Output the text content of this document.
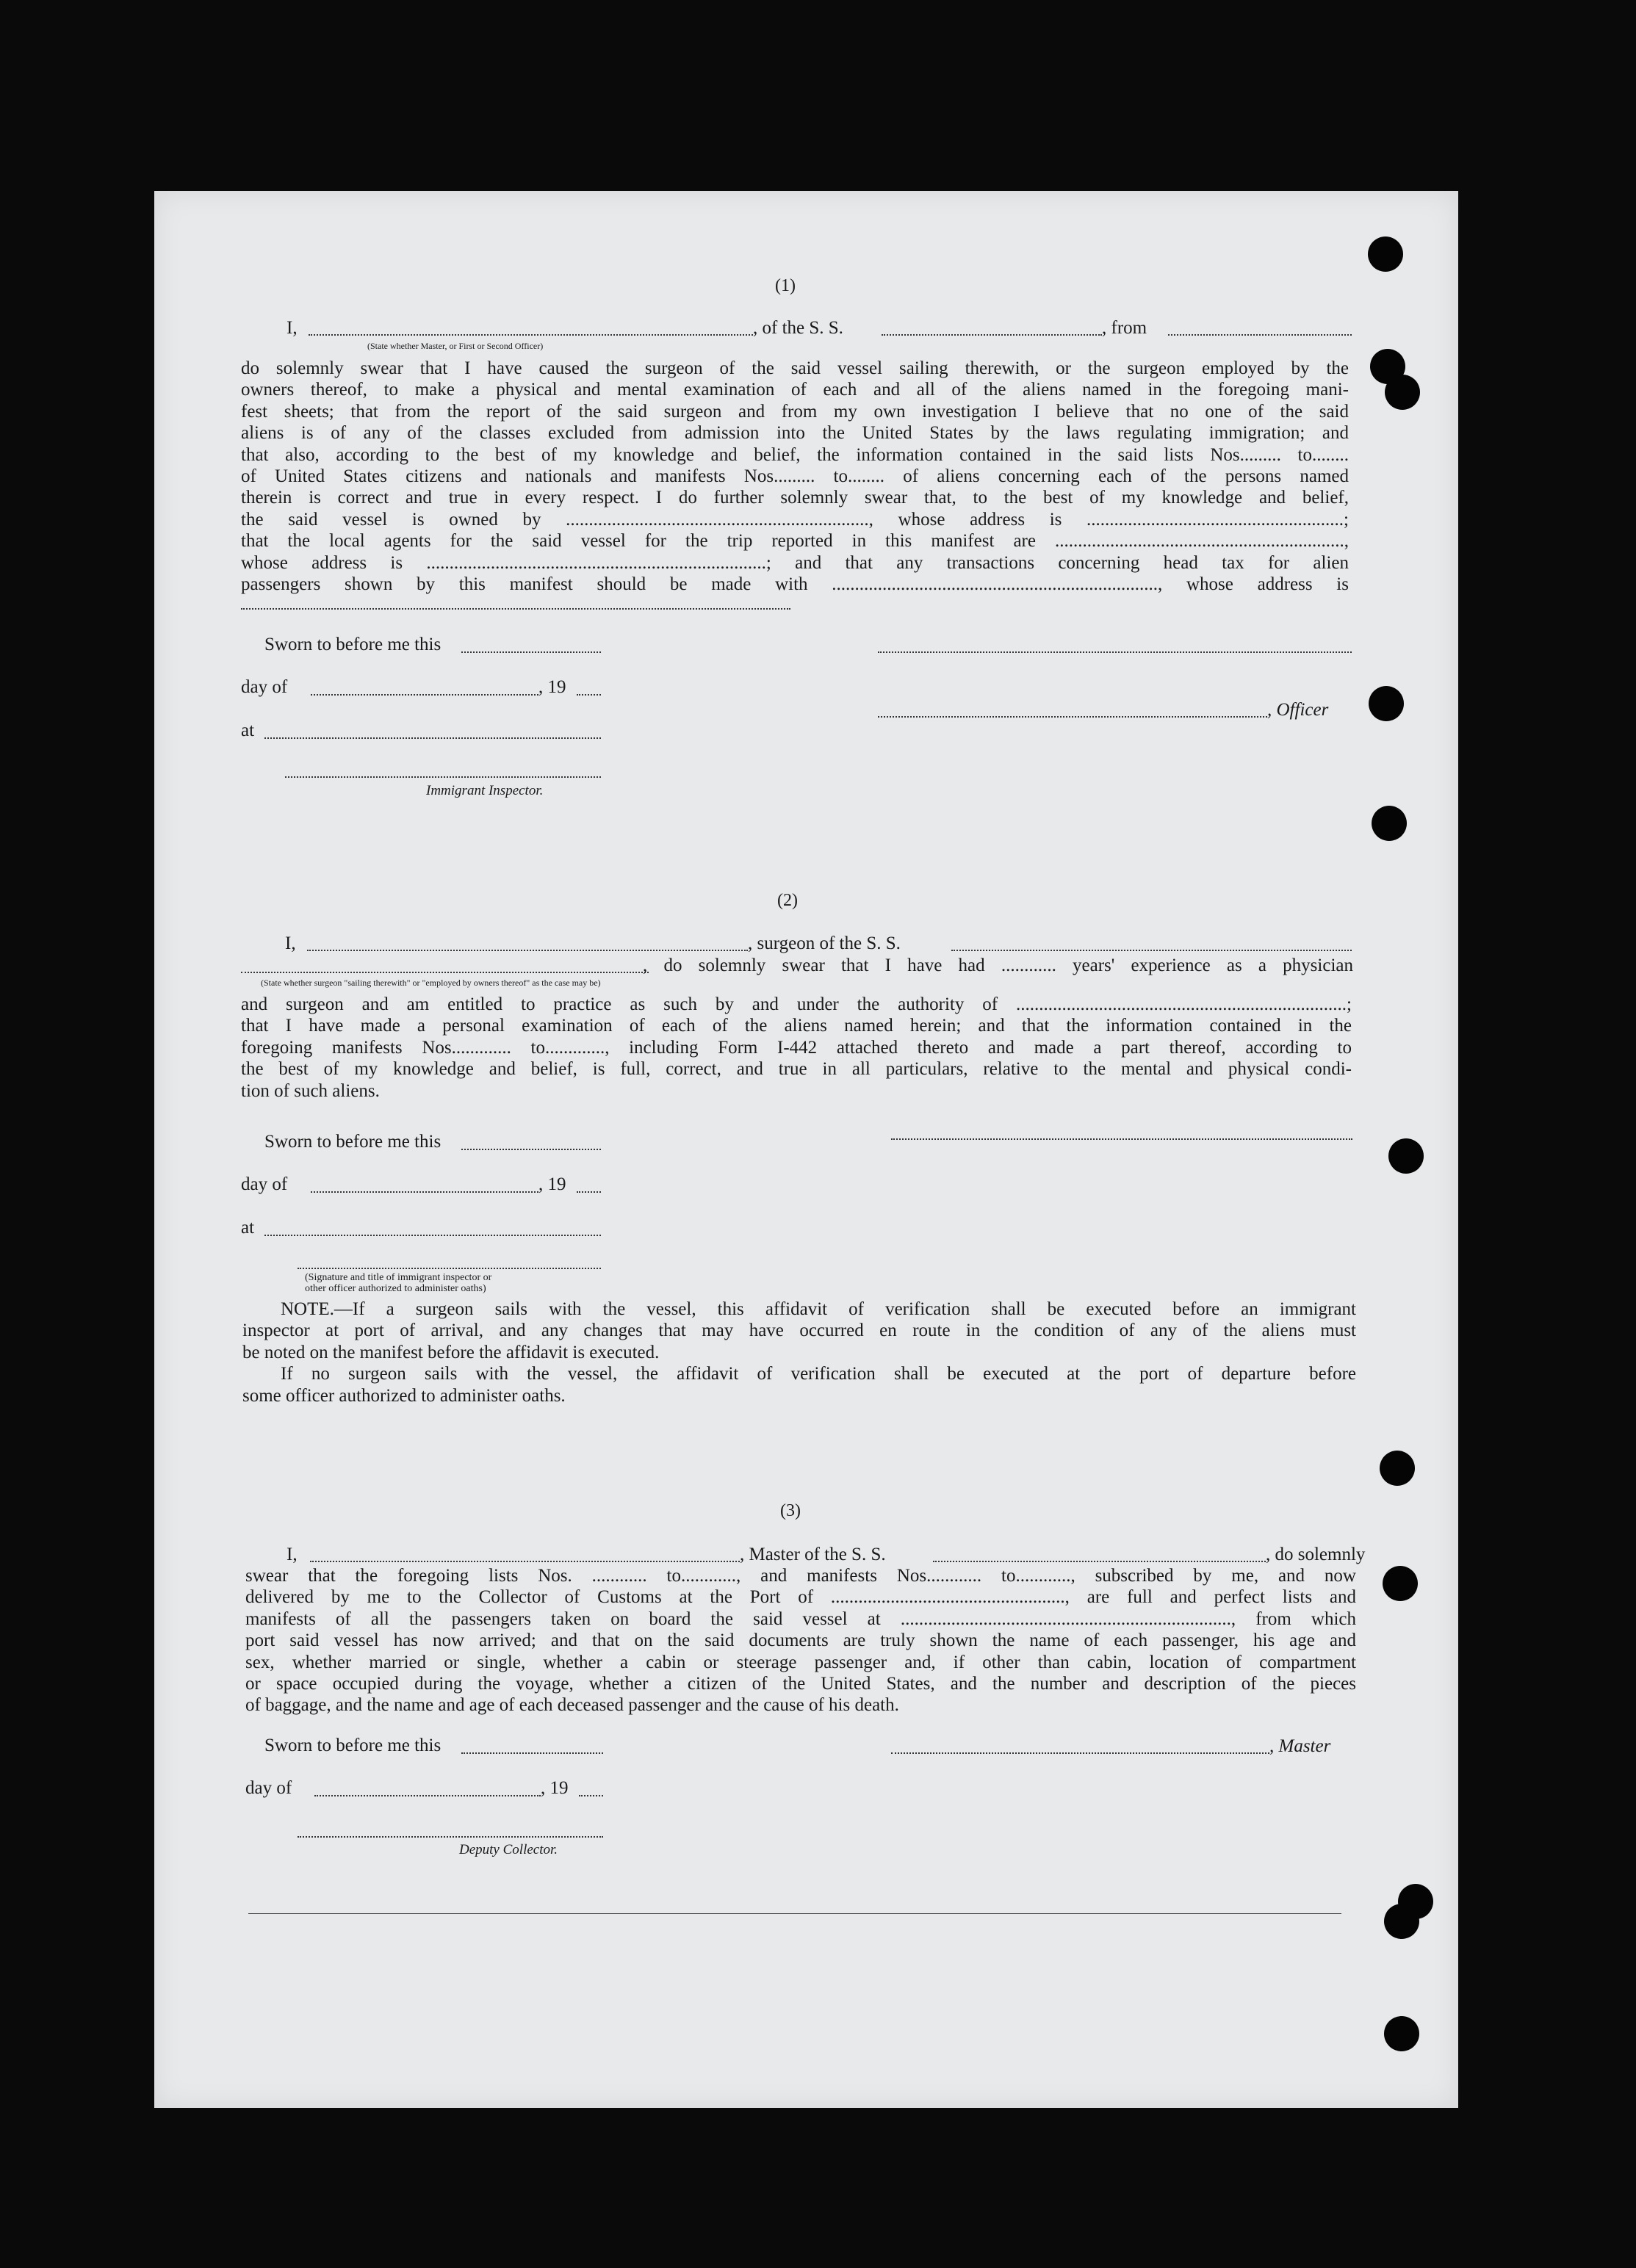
(1)
I,	, of the S. S.	, from
(State whether Master, or First or Second Officer)
do solemnly swear that I have caused the surgeon of the said vessel sailing therewith, or the surgeon employed by the
owners thereof, to make a physical and mental examination of each and all of the aliens named in the foregoing mani-
fest sheets; that from the report of the said surgeon and from my own investigation I believe that no one of the said
aliens is of any of the classes excluded from admission into the United States by the laws regulating immigration; and
that also, according to the best of my knowledge and belief, the information contained in the said lists Nos......... to........
of United States citizens and nationals and manifests Nos......... to........ of aliens concerning each of the persons named
therein is correct and true in every respect. I do further solemnly swear that, to the best of my knowledge and belief,
the said vessel is owned by .................................................................., whose address is ........................................................;
that the local agents for the said vessel for the trip reported in this manifest are ...............................................................,
whose address is ..........................................................................; and that any transactions concerning head tax for alien
passengers shown by this manifest should be made with ......................................................................., whose address is
Sworn to before me this
day of	, 19
, Officer
at
Immigrant Inspector.
(2)
I,	, surgeon of the S. S.
, do solemnly swear that I have had ............ years' experience as a physician
(State whether surgeon "sailing therewith" or "employed by owners thereof" as the case may be)
and surgeon and am entitled to practice as such by and under the authority of ........................................................................;
that I have made a personal examination of each of the aliens named herein; and that the information contained in the
foregoing manifests Nos............. to............., including Form I-442 attached thereto and made a part thereof, according to
the best of my knowledge and belief, is full, correct, and true in all particulars, relative to the mental and physical condi-
tion of such aliens.
Sworn to before me this
day of	, 19
at
(Signature and title of immigrant inspector or
other officer authorized to administer oaths)
NOTE.—If a surgeon sails with the vessel, this affidavit of verification shall be executed before an immigrant
inspector at port of arrival, and any changes that may have occurred en route in the condition of any of the aliens must
be noted on the manifest before the affidavit is executed.
If no surgeon sails with the vessel, the affidavit of verification shall be executed at the port of departure before
some officer authorized to administer oaths.
(3)
I,	, Master of the S. S.	, do solemnly
swear that the foregoing lists Nos. ............ to............, and manifests Nos............ to............, subscribed by me, and now
delivered by me to the Collector of Customs at the Port of ..................................................., are full and perfect lists and
manifests of all the passengers taken on board the said vessel at ........................................................................, from which
port said vessel has now arrived; and that on the said documents are truly shown the name of each passenger, his age and
sex, whether married or single, whether a cabin or steerage passenger and, if other than cabin, location of compartment
or space occupied during the voyage, whether a citizen of the United States, and the number and description of the pieces
of baggage, and the name and age of each deceased passenger and the cause of his death.
Sworn to before me this	, Master
day of	, 19
Deputy Collector.
